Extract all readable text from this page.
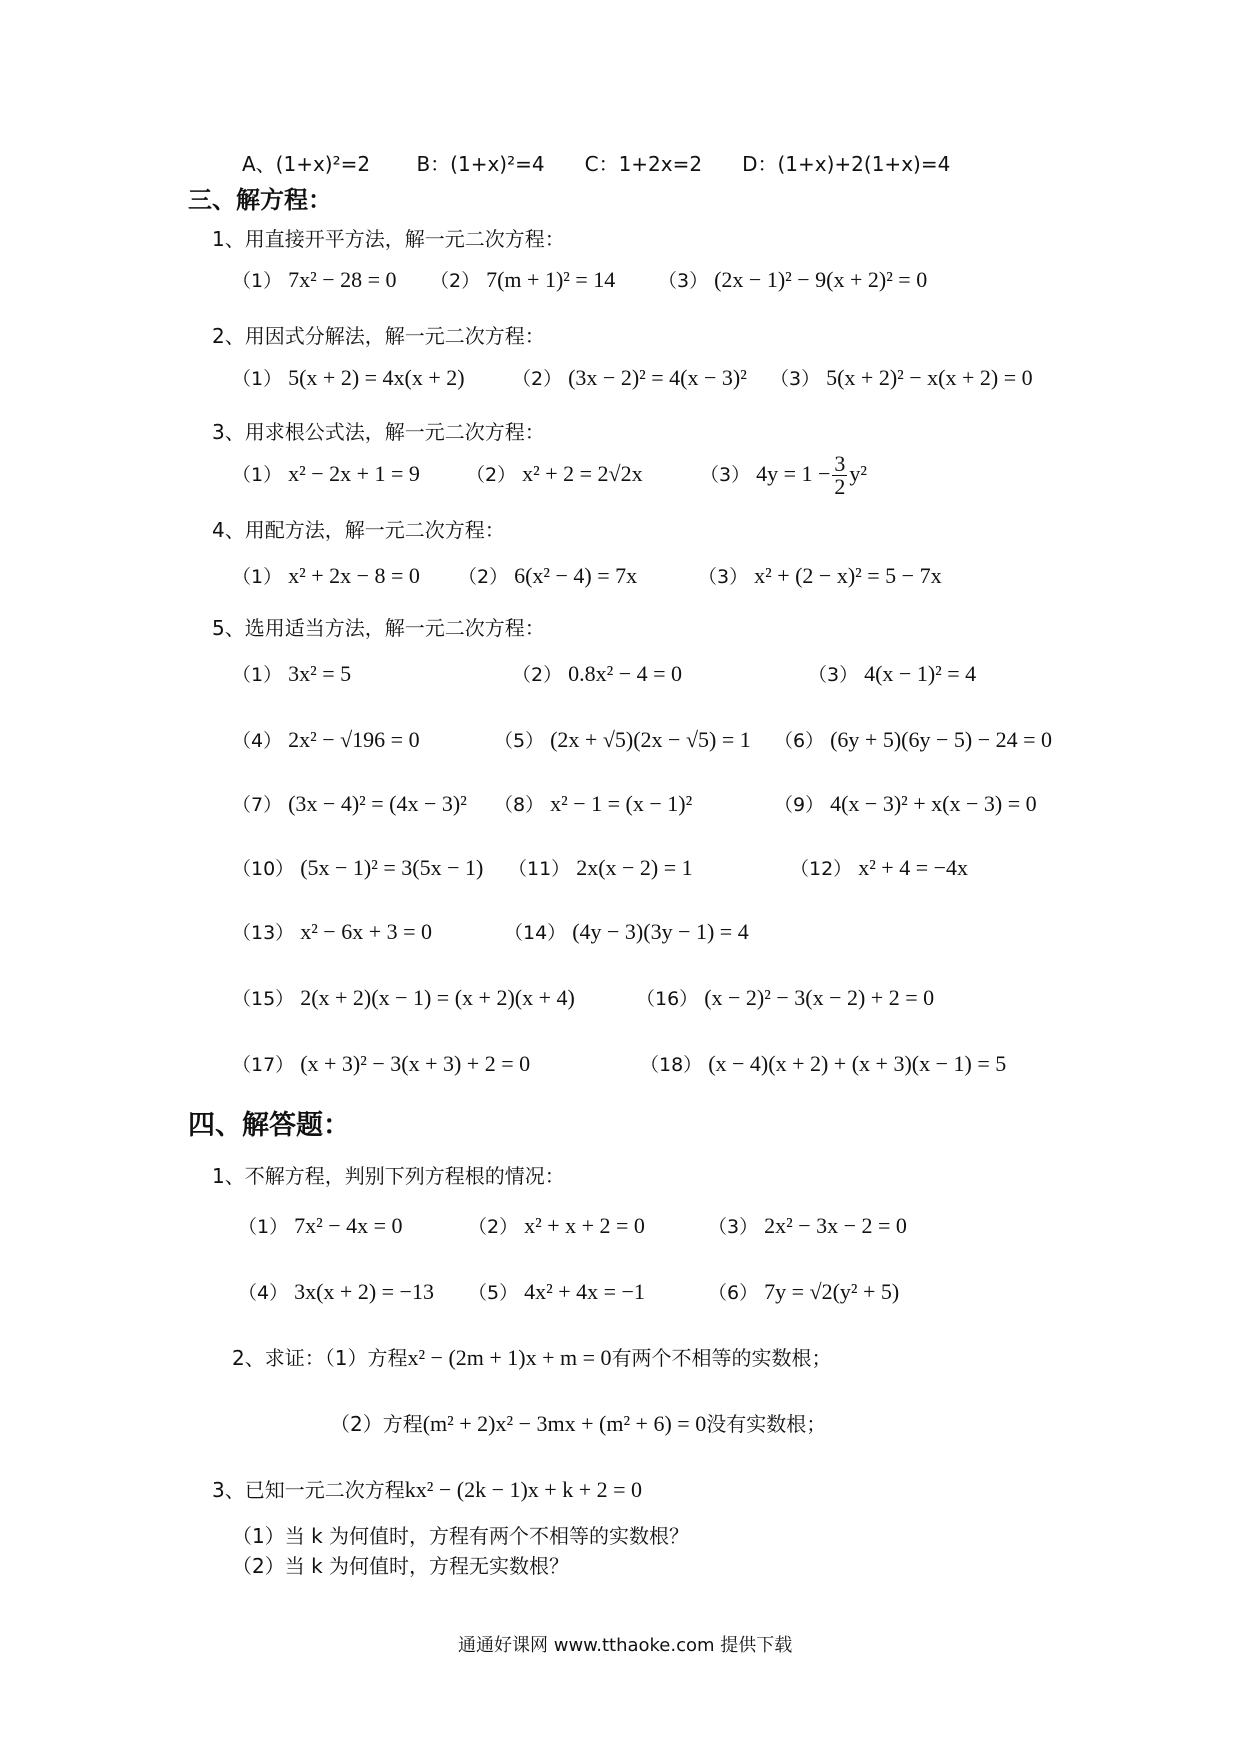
A、(1+x)²=2　　 B：(1+x)²=4　　C：1+2x=2　　D：(1+x)+2(1+x)=4
三、解方程：
1、用直接开平方法，解一元二次方程：
（1） 7x² − 28 = 0 （2） 7(m + 1)² = 14 （3） (2x − 1)² − 9(x + 2)² = 0
2、用因式分解法，解一元二次方程：
（1） 5(x + 2) = 4x(x + 2) （2） (3x − 2)² = 4(x − 3)² （3） 5(x + 2)² − x(x + 2) = 0
3、用求根公式法，解一元二次方程：
（1） x² − 2x + 1 = 9 （2） x² + 2 = 2√2x	（3） $4y = 1 - \frac{3}{2} y^2$
4、用配方法，解一元二次方程：
（1） x² + 2x − 8 = 0 （2） 6(x² − 4) = 7x	（3） x² + (2 − x)² = 5 − 7x
5、选用适当方法，解一元二次方程：
（1） 3x² = 5	（2） 0.8x² − 4 = 0	（3） 4(x − 1)² = 4
（4） 2x² − √196 = 0	（5） (2x + √5)(2x − √5) = 1 （6） (6y + 5)(6y − 5) − 24 = 0
（7） (3x − 4)² = (4x − 3)² （8） x² − 1 = (x − 1)²	（9） 4(x − 3)² + x(x − 3) = 0
（10） (5x − 1)² = 3(5x − 1) （11） 2x(x − 2) = 1	（12） x² + 4 = −4x
（13） x² − 6x + 3 = 0	（14） (4y − 3)(3y − 1) = 4
（15） 2(x + 2)(x − 1) = (x + 2)(x + 4)	（16） (x − 2)² − 3(x − 2) + 2 = 0
（17） (x + 3)² − 3(x + 3) + 2 = 0	（18） (x − 4)(x + 2) + (x + 3)(x − 1) = 5
四、解答题：
1、不解方程，判别下列方程根的情况：
（1） 7x² − 4x = 0	（2） x² + x + 2 = 0	（3） 2x² − 3x − 2 = 0
（4） 3x(x + 2) = −13 （5） 4x² + 4x = −1	（6） 7y = √2(y² + 5)
2、求证：（1）方程x² − (2m + 1)x + m = 0有两个不相等的实数根；
（2）方程(m² + 2)x² − 3mx + (m² + 6) = 0没有实数根；
3、已知一元二次方程kx² − (2k − 1)x + k + 2 = 0
（1）当 k 为何值时，方程有两个不相等的实数根？
（2）当 k 为何值时，方程无实数根？
通通好课网 www.tthaoke.com 提供下载
